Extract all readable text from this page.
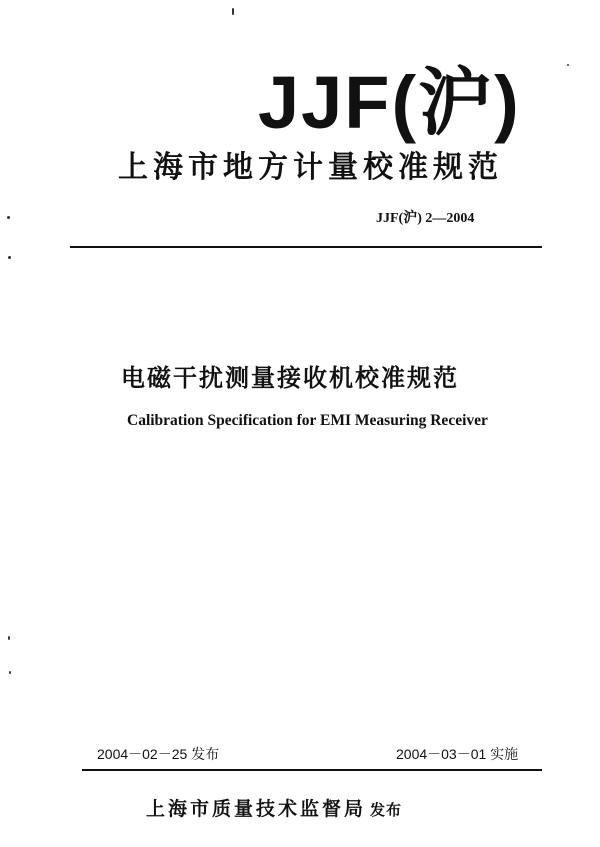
JJF(沪)
上海市地方计量校准规范
JJF(沪) 2—2004
电磁干扰测量接收机校准规范
Calibration Specification for EMI Measuring Receiver
2004－02－25 发布	2004－03－01 实施
上海市质量技术监督局 发布
